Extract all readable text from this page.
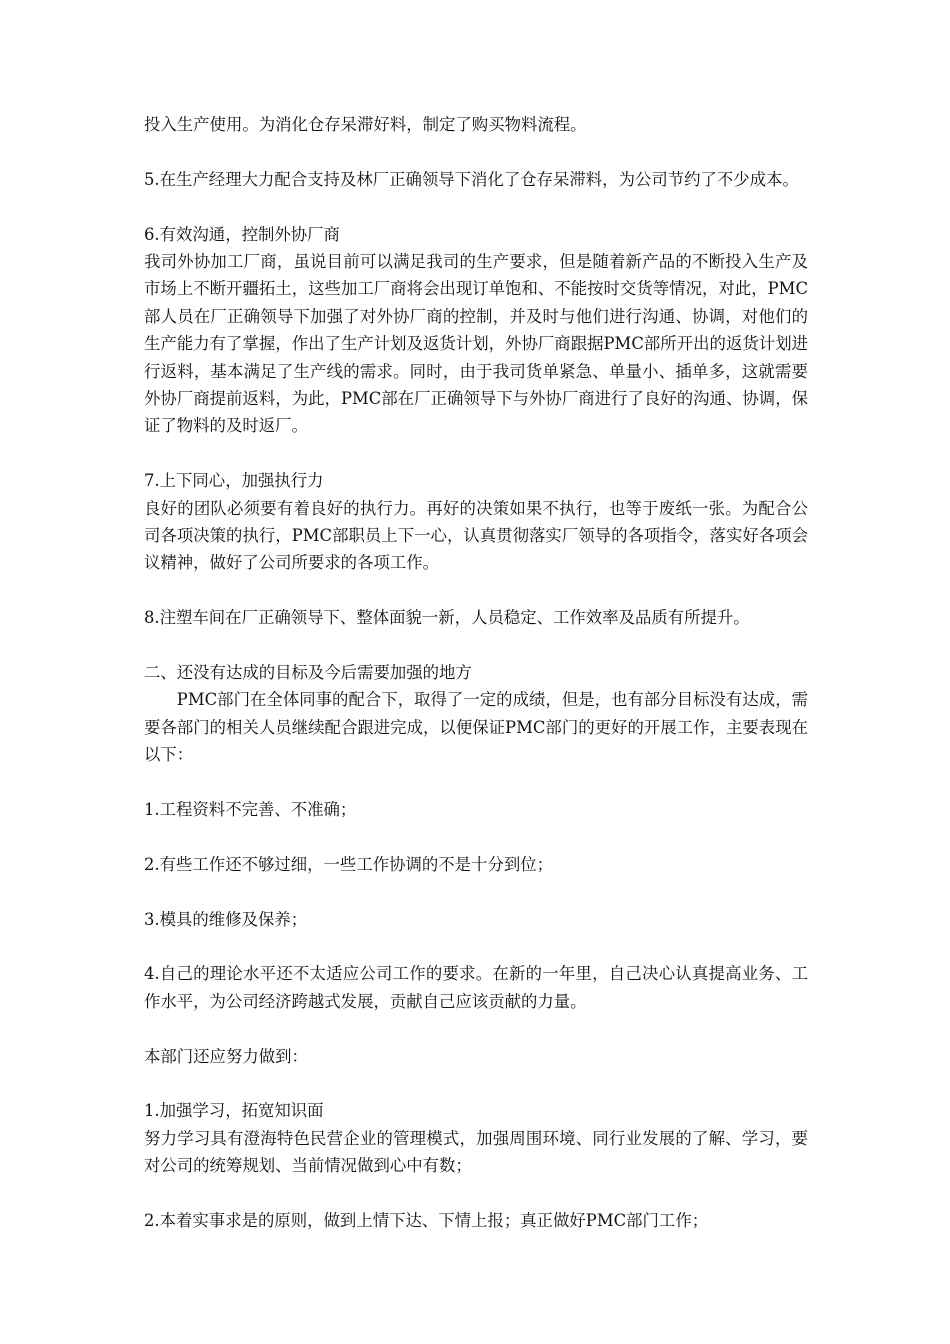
投入生产使用。为消化仓存呆滞好料，制定了购买物料流程。

5.在生产经理大力配合支持及林厂正确领导下消化了仓存呆滞料，为公司节约了不少成本。

6.有效沟通，控制外协厂商
我司外协加工厂商，虽说目前可以满足我司的生产要求，但是随着新产品的不断投入生产及市场上不断开疆拓土，这些加工厂商将会出现订单饱和、不能按时交货等情况，对此，PMC部人员在厂正确领导下加强了对外协厂商的控制，并及时与他们进行沟通、协调，对他们的生产能力有了掌握，作出了生产计划及返货计划，外协厂商跟据PMC部所开出的返货计划进行返料，基本满足了生产线的需求。同时，由于我司货单紧急、单量小、插单多，这就需要外协厂商提前返料，为此，PMC部在厂正确领导下与外协厂商进行了良好的沟通、协调，保证了物料的及时返厂。

7.上下同心，加强执行力
良好的团队必须要有着良好的执行力。再好的决策如果不执行，也等于废纸一张。为配合公司各项决策的执行，PMC部职员上下一心，认真贯彻落实厂领导的各项指令，落实好各项会议精神，做好了公司所要求的各项工作。

8.注塑车间在厂正确领导下、整体面貌一新，人员稳定、工作效率及品质有所提升。

二、还没有达成的目标及今后需要加强的地方
PMC部门在全体同事的配合下，取得了一定的成绩，但是，也有部分目标没有达成，需要各部门的相关人员继续配合跟进完成，以便保证PMC部门的更好的开展工作，主要表现在以下：

1.工程资料不完善、不准确；

2.有些工作还不够过细，一些工作协调的不是十分到位；

3.模具的维修及保养；

4.自己的理论水平还不太适应公司工作的要求。在新的一年里，自己决心认真提高业务、工作水平，为公司经济跨越式发展，贡献自己应该贡献的力量。

本部门还应努力做到：

1.加强学习，拓宽知识面
努力学习具有澄海特色民营企业的管理模式，加强周围环境、同行业发展的了解、学习，要对公司的统筹规划、当前情况做到心中有数；

2.本着实事求是的原则，做到上情下达、下情上报；真正做好PMC部门工作；
